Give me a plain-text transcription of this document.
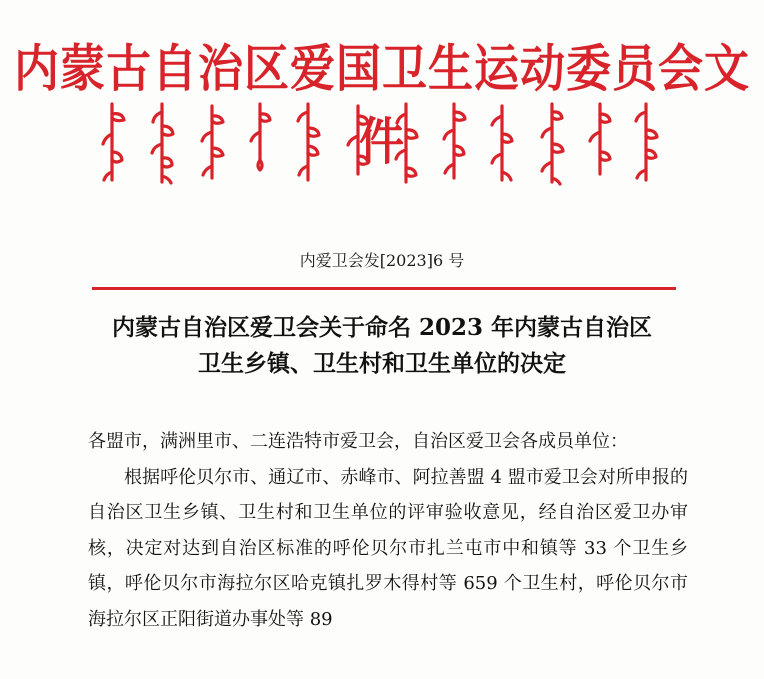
内蒙古自治区爱国卫生运动委员会文件
内爱卫会发[2023]6 号
内蒙古自治区爱卫会关于命名 2023 年内蒙古自治区
卫生乡镇、卫生村和卫生单位的决定

各盟市，满洲里市、二连浩特市爱卫会，自治区爱卫会各成员单位：

根据呼伦贝尔市、通辽市、赤峰市、阿拉善盟 4 盟市爱卫会对所申报的自治区卫生乡镇、卫生村和卫生单位的评审验收意见，经自治区爱卫办审核，决定对达到自治区标准的呼伦贝尔市扎兰屯市中和镇等 33 个卫生乡镇，呼伦贝尔市海拉尔区哈克镇扎罗木得村等 659 个卫生村，呼伦贝尔市海拉尔区正阳街道办事处等 89
